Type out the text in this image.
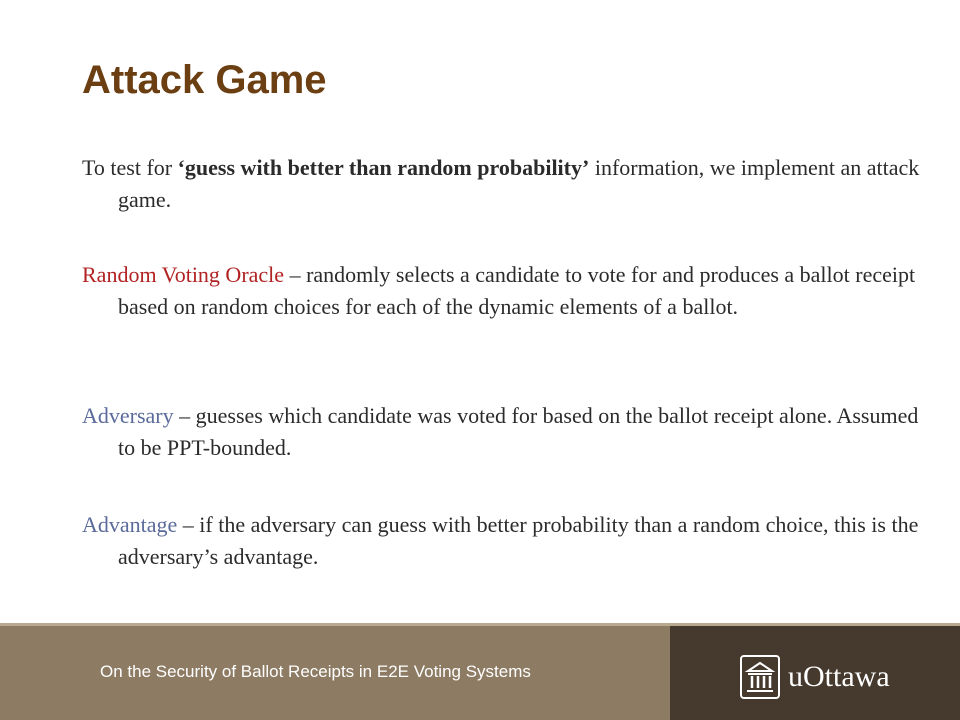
Attack Game

To test for ‘guess with better than random probability’ information, we implement an attack game.

Random Voting Oracle – randomly selects a candidate to vote for and produces a ballot receipt based on random choices for each of the dynamic elements of a ballot.

Adversary – guesses which candidate was voted for based on the ballot receipt alone. Assumed to be PPT-bounded.

Advantage – if the adversary can guess with better probability than a random choice, this is the adversary’s advantage.

On the Security of Ballot Receipts in E2E Voting Systems	uOttawa
